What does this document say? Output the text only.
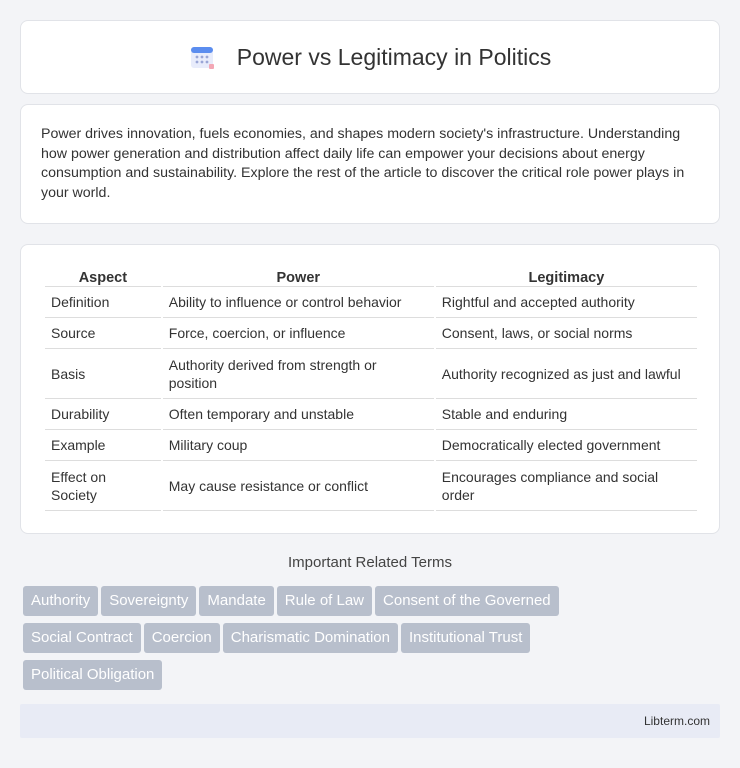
Power vs Legitimacy in Politics

Power drives innovation, fuels economies, and shapes modern society's infrastructure. Understanding how power generation and distribution affect daily life can empower your decisions about energy consumption and sustainability. Explore the rest of the article to discover the critical role power plays in your world.

Aspect	Power	Legitimacy
Definition	Ability to influence or control behavior	Rightful and accepted authority
Source	Force, coercion, or influence	Consent, laws, or social norms
Basis	Authority derived from strength or position	Authority recognized as just and lawful
Durability	Often temporary and unstable	Stable and enduring
Example	Military coup	Democratically elected government
Effect on Society	May cause resistance or conflict	Encourages compliance and social order
Important Related Terms
Authority Sovereignty Mandate Rule of Law Consent of the Governed
Social Contract Coercion Charismatic Domination Institutional Trust
Political Obligation
Libterm.com
